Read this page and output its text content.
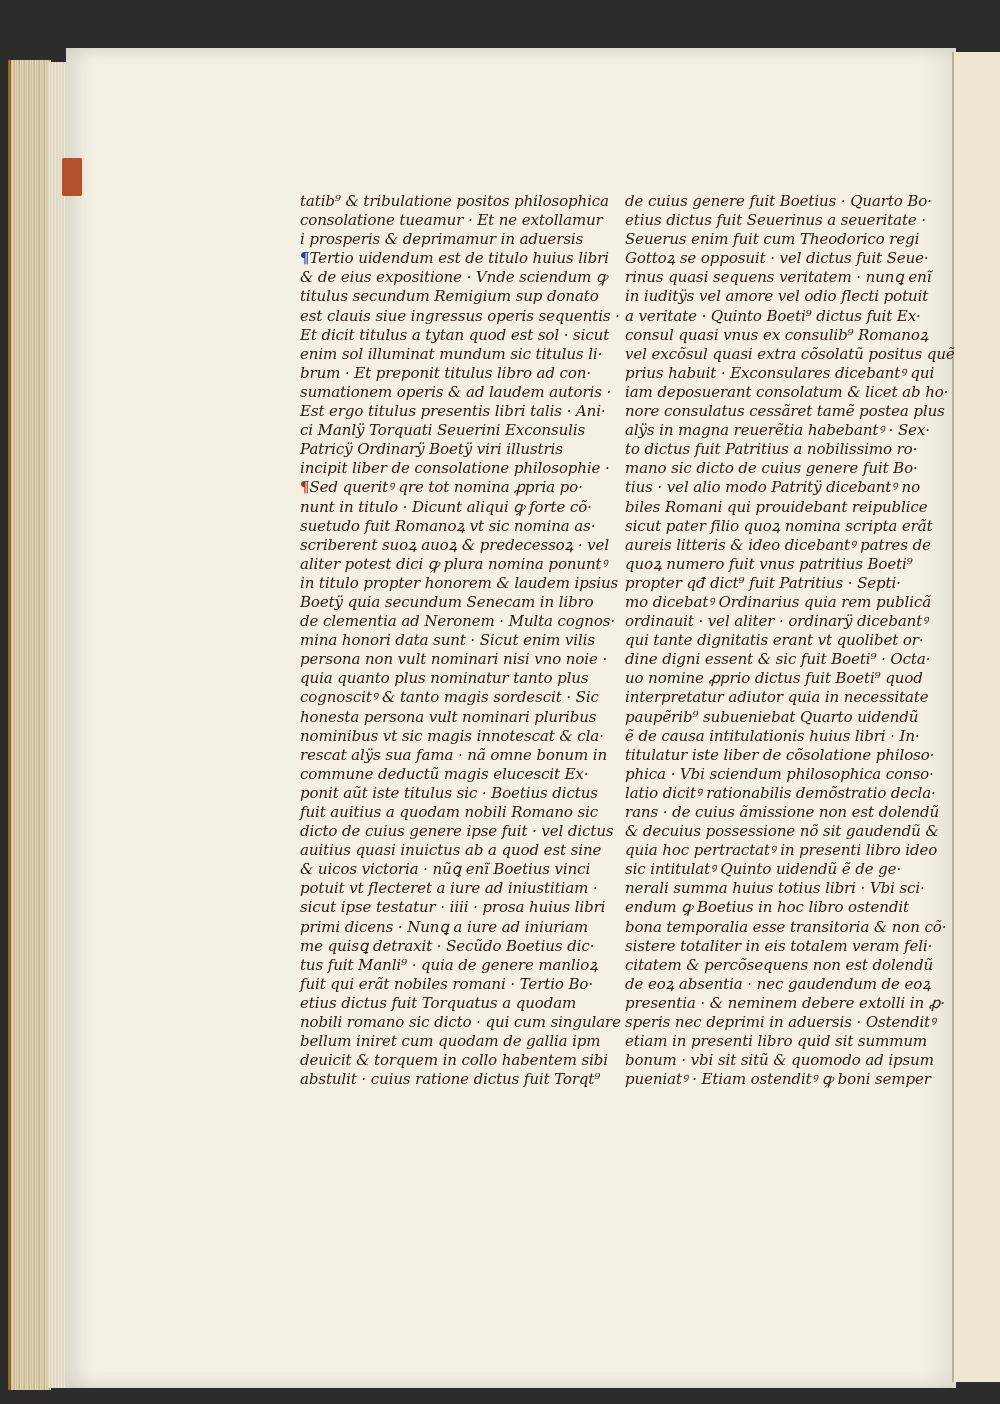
tatib⁹ & tribulatione positos philosophica
consolatione tueamur · Et ne extollamur
i prosperis & deprimamur in aduersis
¶Tertio uidendum est de titulo huius libri
& de eius expositione · Vnde sciendum ꝙ
titulus secundum Remigium sup donato
est clauis siue ingressus operis sequentis ·
Et dicit titulus a tytan quod est sol · sicut
enim sol illuminat mundum sic titulus li·
brum · Et preponit titulus libro ad con·
sumationem operis & ad laudem autoris ·
Est ergo titulus presentis libri talis · Ani·
ci Manlÿ Torquati Seuerini Exconsulis
Patricÿ Ordinarÿ Boetÿ viri illustris
incipit liber de consolatione philosophie ·
¶Sed queritꝰ qre tot nomina ꝓpria po·
nunt in titulo · Dicunt aliqui ꝙ forte cõ·
suetudo fuit Romanoꝝ vt sic nomina as·
scriberent suoꝝ auoꝝ & predecessoꝝ · vel
aliter potest dici ꝙ plura nomina ponuntꝰ
in titulo propter honorem & laudem ipsius
Boetÿ quia secundum Senecam in libro
de clementia ad Neronem · Multa cognos·
mina honori data sunt · Sicut enim vilis
persona non vult nominari nisi vno noie ·
quia quanto plus nominatur tanto plus
cognoscitꝰ & tanto magis sordescit · Sic
honesta persona vult nominari pluribus
nominibus vt sic magis innotescat & cla·
rescat alÿs sua fama · nã omne bonum in
commune deductũ magis elucescit Ex·
ponit aũt iste titulus sic · Boetius dictus
fuit auitius a quodam nobili Romano sic
dicto de cuius genere ipse fuit · vel dictus
auitius quasi inuictus ab a quod est sine
& uicos victoria · nũꝗ enĩ Boetius vinci
potuit vt flecteret a iure ad iniustitiam ·
sicut ipse testatur · iiii · prosa huius libri
primi dicens · Nunꝗ a iure ad iniuriam
me quisꝗ detraxit · Secũdo Boetius dic·
tus fuit Manli⁹ · quia de genere manlioꝝ
fuit qui erãt nobiles romani · Tertio Bo·
etius dictus fuit Torquatus a quodam
nobili romano sic dicto · qui cum singulare
bellum iniret cum quodam de gallia ipm
deuicit & torquem in collo habentem sibi
abstulit · cuius ratione dictus fuit Torqt⁹
de cuius genere fuit Boetius · Quarto Bo·
etius dictus fuit Seuerinus a seueritate ·
Seuerus enim fuit cum Theodorico regi
Gottoꝝ se opposuit · vel dictus fuit Seue·
rinus quasi sequens veritatem · nunꝗ enĩ
in iuditÿs vel amore vel odio flecti potuit
a veritate · Quinto Boeti⁹ dictus fuit Ex·
consul quasi vnus ex consulib⁹ Romanoꝝ
vel excõsul quasi extra cõsolatũ positus quẽ
prius habuit · Exconsulares dicebantꝰ qui
iam deposuerant consolatum & licet ab ho·
nore consulatus cessãret tamẽ postea plus
alÿs in magna reuerẽtia habebantꝰ · Sex·
to dictus fuit Patritius a nobilissimo ro·
mano sic dicto de cuius genere fuit Bo·
tius · vel alio modo Patritÿ dicebantꝰ no
biles Romani qui prouidebant reipublice
sicut pater filio quoꝝ nomina scripta erãt
aureis litteris & ideo dicebantꝰ patres de
quoꝝ numero fuit vnus patritius Boeti⁹
propter qđ dict⁹ fuit Patritius · Septi·
mo dicebatꝰ Ordinarius quia rem publicã
ordinauit · vel aliter · ordinarÿ dicebantꝰ
qui tante dignitatis erant vt quolibet or·
dine digni essent & sic fuit Boeti⁹ · Octa·
uo nomine ꝓprio dictus fuit Boeti⁹ quod
interpretatur adiutor quia in necessitate
paupẽrib⁹ subueniebat Quarto uidendũ
ẽ de causa intitulationis huius libri · In·
titulatur iste liber de cõsolatione philoso·
phica · Vbi sciendum philosophica conso·
latio dicitꝰ rationabilis demõstratio decla·
rans · de cuius ãmissione non est dolendũ
& decuius possessione nõ sit gaudendũ &
quia hoc pertractatꝰ in presenti libro ideo
sic intitulatꝰ Quinto uidendũ ẽ de ge·
nerali summa huius totius libri · Vbi sci·
endum ꝙ Boetius in hoc libro ostendit
bona temporalia esse transitoria & non cõ·
sistere totaliter in eis totalem veram feli·
citatem & percõsequens non est dolendũ
de eoꝝ absentia · nec gaudendum de eoꝝ
presentia · & neminem debere extolli in ꝓ·
speris nec deprimi in aduersis · Ostenditꝰ
etiam in presenti libro quid sit summum
bonum · vbi sit sitũ & quomodo ad ipsum
pueniatꝰ · Etiam ostenditꝰ ꝙ boni semper
